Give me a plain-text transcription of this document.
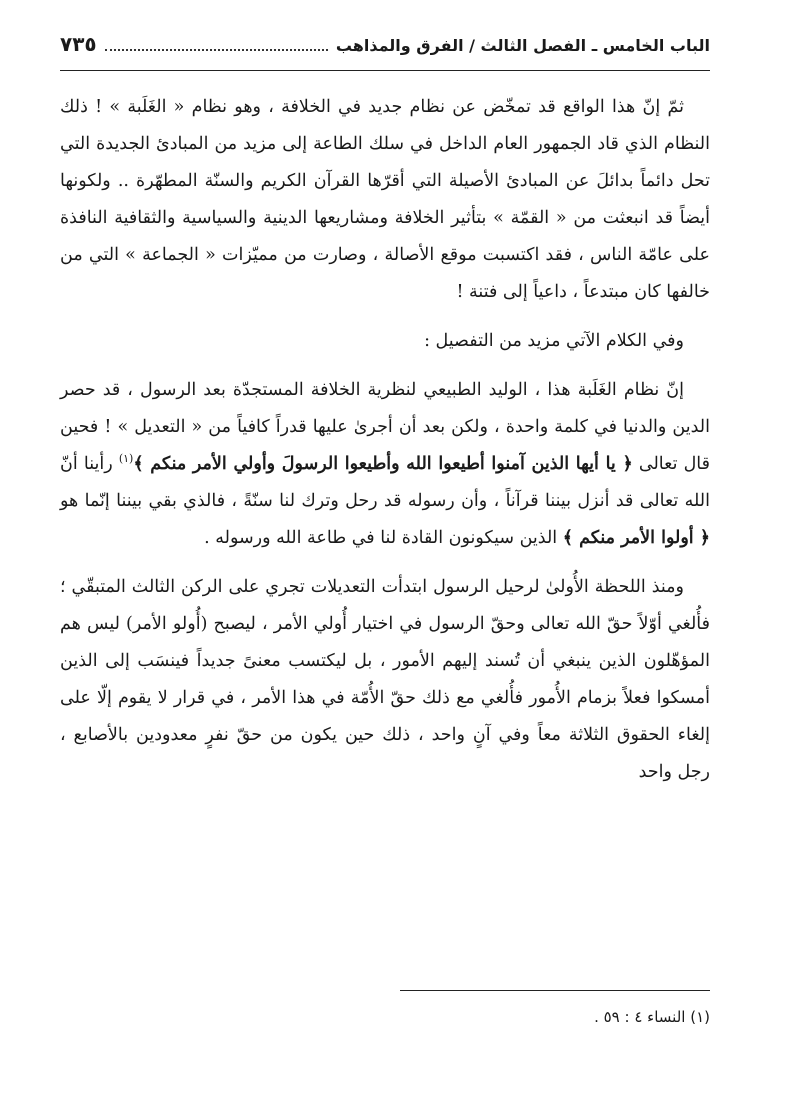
الباب الخامس ـ الفصل الثالث / الفرق والمذاهب
٧٣٥

ثمّ إنّ هذا الواقع قد تمخّض عن نظام جديد في الخلافة ، وهو نظام « الغَلَبة » ! ذلك النظام الذي قاد الجمهور العام الداخل في سلك الطاعة إلى مزيد من المبادئ الجديدة التي تحل دائماً بدائلَ عن المبادئ الأصيلة التي أقرّها القرآن الكريم والسنّة المطهّرة .. ولكونها أيضاً قد انبعثت من « القمّة » بتأثير الخلافة ومشاريعها الدينية والسياسية والثقافية النافذة على عامّة الناس ، فقد اكتسبت موقع الأصالة ، وصارت من مميّزات « الجماعة » التي من خالفها كان مبتدعاً ، داعياً إلى فتنة !

وفي الكلام الآتي مزيد من التفصيل :

إنّ نظام الغَلَبة هذا ، الوليد الطبيعي لنظرية الخلافة المستجدّة بعد الرسول ، قد حصر الدين والدنيا في كلمة واحدة ، ولكن بعد أن أجرىٰ عليها قدراً كافياً من « التعديل » ! فحين قال تعالى ﴿ يا أيها الذين آمنوا أطيعوا الله وأطيعوا الرسولَ وأولي الأمر منكم ﴾$^{(١)}$ رأينا أنّ الله تعالى قد أنزل بيننا قرآناً ، وأن رسوله قد رحل وترك لنا سنّةً ، فالذي بقي بيننا إنّما هو ﴿ أولوا الأمر منكم ﴾ الذين سيكونون القادة لنا في طاعة الله ورسوله .

ومنذ اللحظة الأُولىٰ لرحيل الرسول ابتدأت التعديلات تجري على الركن الثالث المتبقّي ؛ فأُلغي أوّلاً حقّ الله تعالى وحقّ الرسول في اختيار أُولي الأمر ، ليصبح (أُولو الأمر) ليس هم المؤهّلون الذين ينبغي أن تُسند إليهم الأمور ، بل ليكتسب معنىً جديداً فينسَب إلى الذين أمسكوا فعلاً بزمام الأُمور فأُلغي مع ذلك حقّ الأُمّة في هذا الأمر ، في قرار لا يقوم إلّا على إلغاء الحقوق الثلاثة معاً وفي آنٍ واحد ، ذلك حين يكون من حقّ نفرٍ معدودين بالأصابع ، رجل واحد

(١) النساء ٤ : ٥٩ .
